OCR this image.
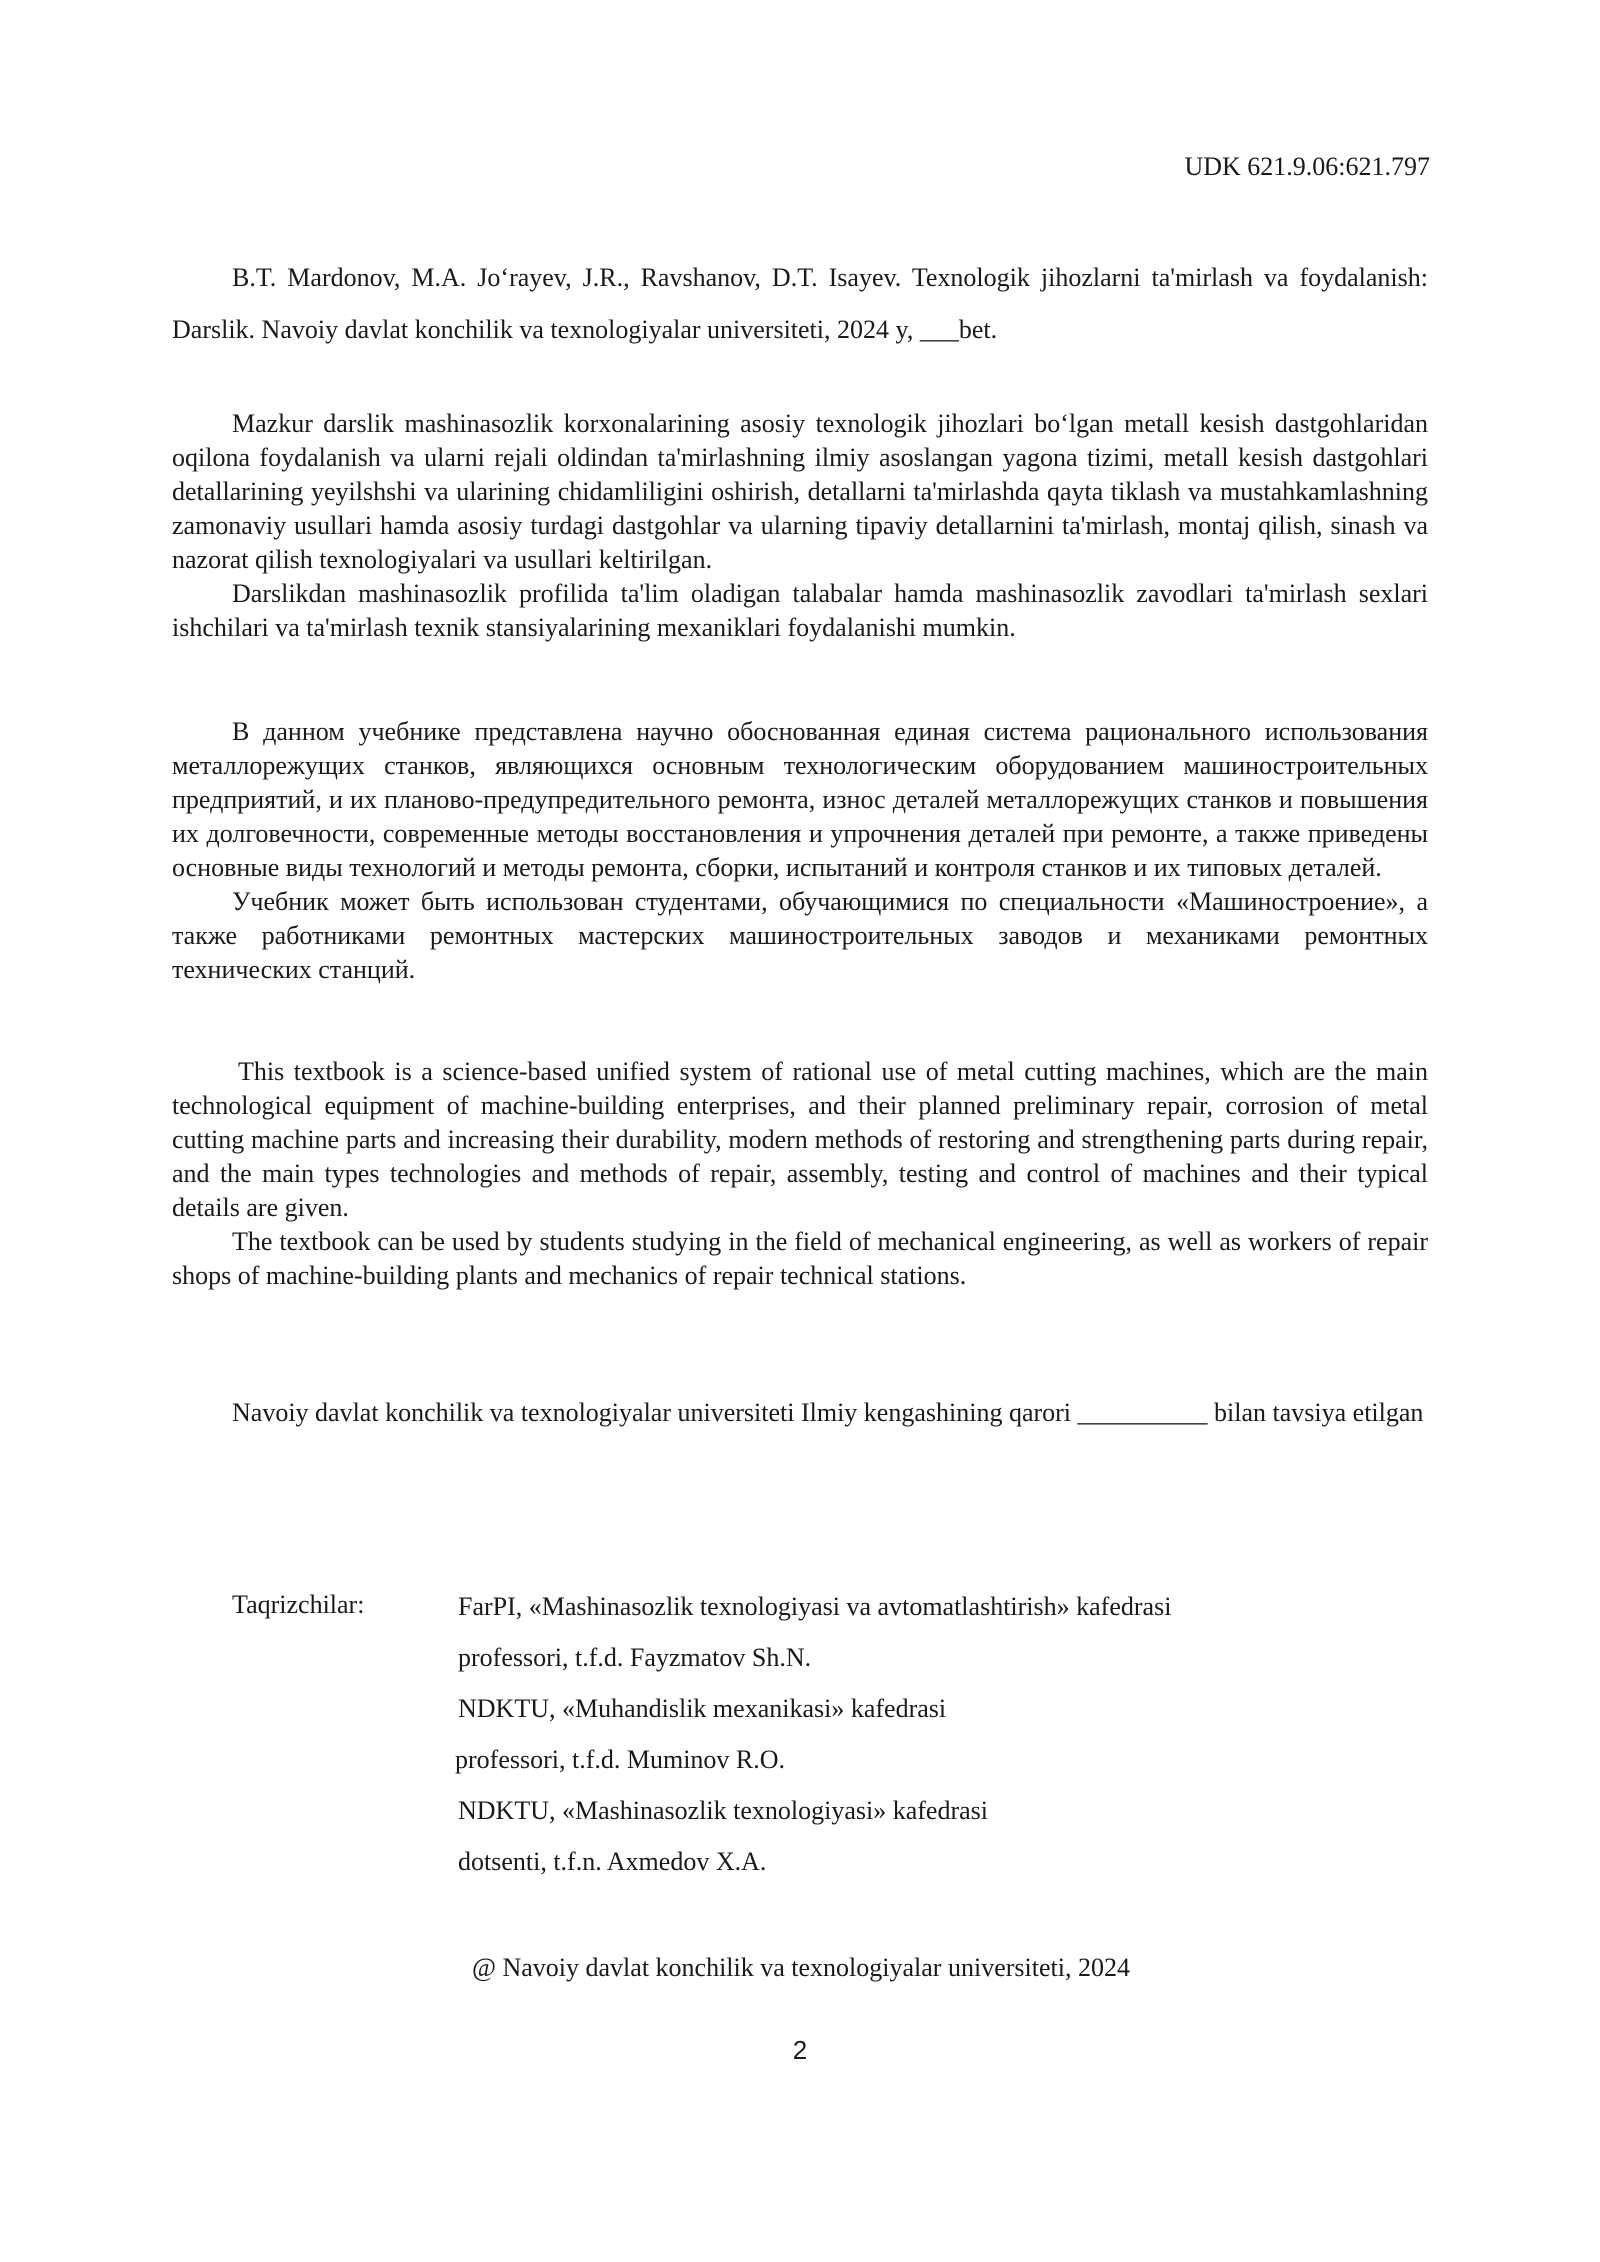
UDK 621.9.06:621.797
B.T. Mardonov, M.A. Jo‘rayev, J.R., Ravshanov, D.T. Isayev. Texnologik jihozlarni ta'mirlash va foydalanish: Darslik. Navoiy davlat konchilik va texnologiyalar universiteti, 2024 y, ___bet.

Mazkur darslik mashinasozlik korxonalarining asosiy texnologik jihozlari bo‘lgan metall kesish dastgohlaridan oqilona foydalanish va ularni rejali oldindan ta'mirlashning ilmiy asoslangan yagona tizimi, metall kesish dastgohlari detallarining yeyilshshi va ularining chidamliligini oshirish, detallarni ta'mirlashda qayta tiklash va mustahkamlashning zamonaviy usullari hamda asosiy turdagi dastgohlar va ularning tipaviy detallarnini ta'mirlash, montaj qilish, sinash va nazorat qilish texnologiyalari va usullari keltirilgan.

Darslikdan mashinasozlik profilida ta'lim oladigan talabalar hamda mashinasozlik zavodlari ta'mirlash sexlari ishchilari va ta'mirlash texnik stansiyalarining mexaniklari foydalanishi mumkin.

В данном учебнике представлена научно обоснованная единая система рационального использования металлорежущих станков, являющихся основным технологическим оборудованием машиностроительных предприятий, и их планово-предупредительного ремонта, износ деталей металлорежущих станков и повышения их долговечности, современные методы восстановления и упрочнения деталей при ремонте, а также приведены основные виды технологий и методы ремонта, сборки, испытаний и контроля станков и их типовых деталей.

Учебник может быть использован студентами, обучающимися по специальности «Машиностроение», а также работниками ремонтных мастерских машиностроительных заводов и механиками ремонтных технических станций.

This textbook is a science-based unified system of rational use of metal cutting machines, which are the main technological equipment of machine-building enterprises, and their planned preliminary repair, corrosion of metal cutting machine parts and increasing their durability, modern methods of restoring and strengthening parts during repair, and the main types technologies and methods of repair, assembly, testing and control of machines and their typical details are given.

The textbook can be used by students studying in the field of mechanical engineering, as well as workers of repair shops of machine-building plants and mechanics of repair technical stations.

Navoiy davlat konchilik va texnologiyalar universiteti Ilmiy kengashining qarori __________ bilan tavsiya etilgan
Taqrizchilar:	FarPI, «Mashinasozlik texnologiyasi va avtomatlashtirish» kafedrasi
professori, t.f.d. Fayzmatov Sh.N.
NDKTU, «Muhandislik mexanikasi» kafedrasi
professori, t.f.d. Muminov R.O.
NDKTU, «Mashinasozlik texnologiyasi» kafedrasi
dotsenti, t.f.n. Axmedov X.A.
@ Navoiy davlat konchilik va texnologiyalar universiteti, 2024
2
